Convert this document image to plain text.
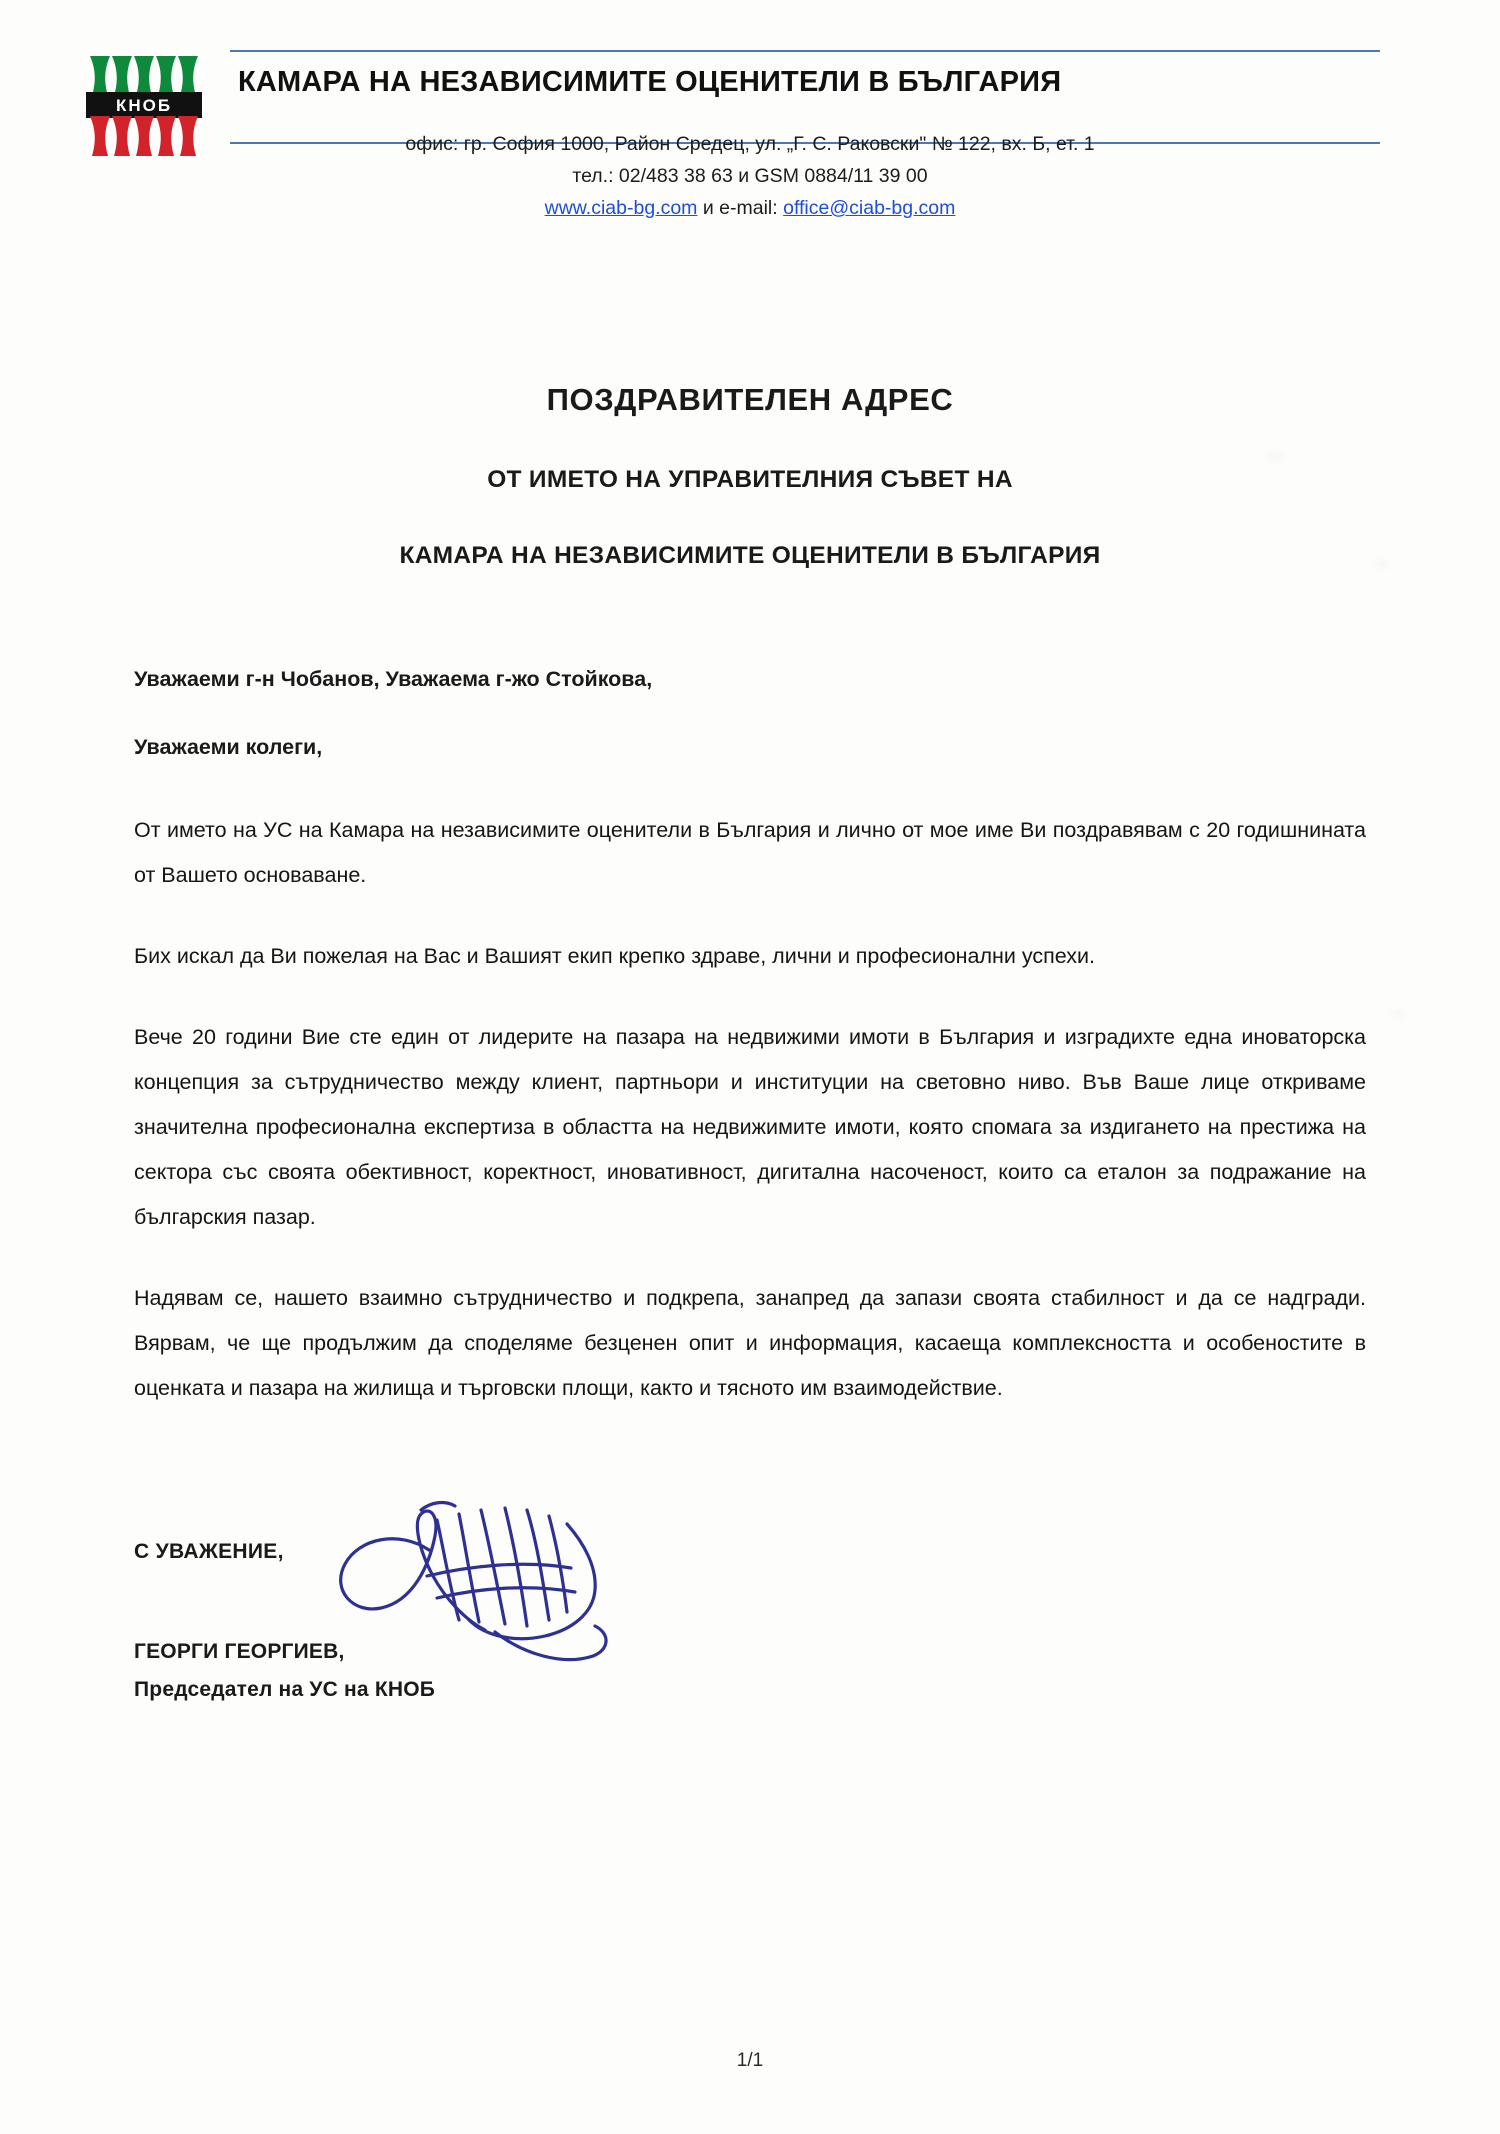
КНОБ
КАМАРА НА НЕЗАВИСИМИТЕ ОЦЕНИТЕЛИ В БЪЛГАРИЯ
офис: гр. София 1000, Район Средец, ул. „Г. С. Раковски" № 122, вх. Б, ет. 1
тел.: 02/483 38 63 и GSM 0884/11 39 00
www.ciab-bg.com и e-mail: office@ciab-bg.com
ПОЗДРАВИТЕЛЕН АДРЕС
ОТ ИМЕТО НА УПРАВИТЕЛНИЯ СЪВЕТ НА
КАМАРА НА НЕЗАВИСИМИТЕ ОЦЕНИТЕЛИ В БЪЛГАРИЯ
Уважаеми г-н Чобанов, Уважаема г-жо Стойкова,
Уважаеми колеги,

От името на УС на Камара на независимите оценители в България и лично от мое име Ви поздравявам с 20 годишнината от Вашето основаване.

Бих искал да Ви пожелая на Вас и Вашият екип крепко здраве, лични и професионални успехи.

Вече 20 години Вие сте един от лидерите на пазара на недвижими имоти в България и изградихте една иноваторска концепция за сътрудничество между клиент, партньори и институции на световно ниво. Във Ваше лице откриваме значителна професионална експертиза в областта на недвижимите имоти, която спомага за издигането на престижа на сектора със своята обективност, коректност, иновативност, дигитална насоченост, които са еталон за подражание на българския пазар.

Надявам се, нашето взаимно сътрудничество и подкрепа, занапред да запази своята стабилност и да се надгради. Вярвам, че ще продължим да споделяме безценен опит и информация, касаеща комплексността и особеностите в оценката и пазара на жилища и търговски площи, както и тясното им взаимодействие.

С УВАЖЕНИЕ,
ГЕОРГИ ГЕОРГИЕВ,
Председател на УС на КНОБ
1/1
